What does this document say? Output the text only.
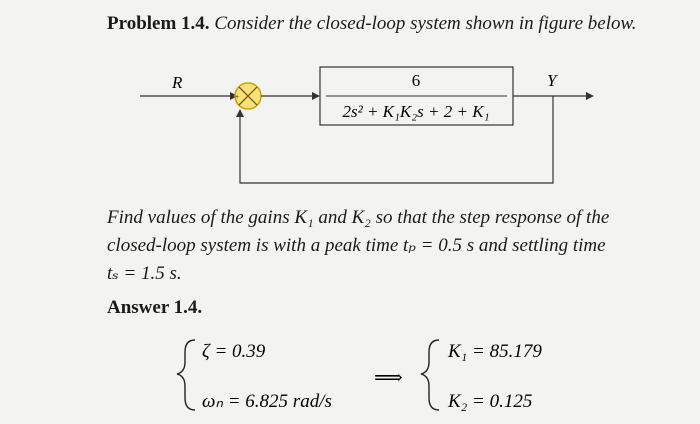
Problem 1.4. Consider the closed-loop system shown in figure below.
R
+
6
2s² + K₁K₂s + 2 + K₁
Y
ζ = 0.39
ωₙ = 6.825 rad/s
⟹
K₁ = 85.179
K₂ = 0.125
Find values of the gains K₁ and K₂ so that the step response of the
closed-loop system is with a peak time tₚ = 0.5 s and settling time
tₛ = 1.5 s.
Answer 1.4.
